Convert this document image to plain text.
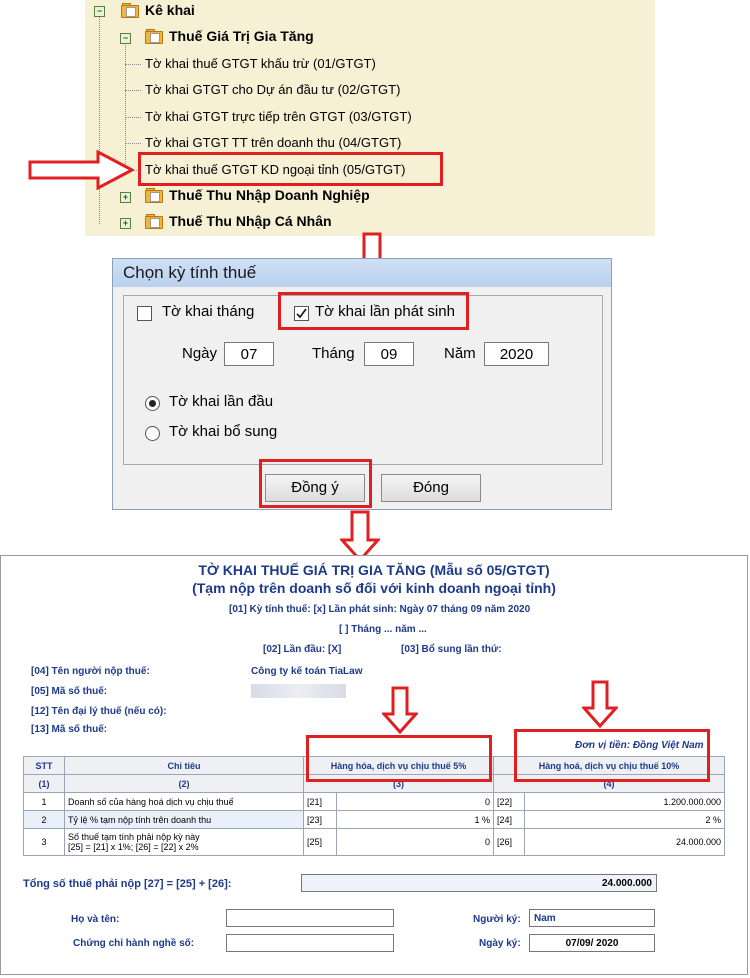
−	Kê khai
−	Thuế Giá Trị Gia Tăng
Tờ khai thuế GTGT khấu trừ (01/GTGT)
Tờ khai GTGT cho Dự án đầu tư (02/GTGT)
Tờ khai GTGT trực tiếp trên GTGT (03/GTGT)
Tờ khai GTGT TT trên doanh thu (04/GTGT)
Tờ khai thuế GTGT KD ngoại tỉnh (05/GTGT)
+	Thuế Thu Nhập Doanh Nghiệp
+	Thuế Thu Nhập Cá Nhân
Chọn kỳ tính thuế
Tờ khai tháng	Tờ khai lần phát sinh
Ngày	07	Tháng	09	Năm	2020
Tờ khai lần đầu
Tờ khai bổ sung
Đồng ý	Đóng
TỜ KHAI THUẾ GIÁ TRỊ GIA TĂNG (Mẫu số 05/GTGT)
(Tạm nộp trên doanh số đối với kinh doanh ngoại tỉnh)
[01] Kỳ tính thuế: [x] Lần phát sinh: Ngày 07 tháng 09 năm 2020
[ ] Tháng ... năm ...
[02] Lần đầu: [X]	[03] Bổ sung lần thứ:
[04] Tên người nộp thuế:	Công ty kế toán TiaLaw
[05] Mã số thuế:
[12] Tên đại lý thuế (nếu có):
[13] Mã số thuế:
Đơn vị tiền: Đồng Việt Nam
STT	Chỉ tiêu	Hàng hóa, dịch vụ chịu thuế 5%		Hàng hoá, dịch vụ chịu thuế 10%	
(1)	(2)	(3)		(4)	
1	Doanh số của hàng hoá dịch vụ chịu thuế	[21]	0	[22]	1.200.000.000
2	Tỷ lệ % tạm nộp tính trên doanh thu	[23]	1 %	[24]	2 %
3	Số thuế tạm tính phải nộp kỳ này
[25] = [21] x 1%; [26] = [22] x 2%	[25]	0	[26]	24.000.000
Tổng số thuế phải nộp [27] = [25] + [26]:	24.000.000
Họ và tên:
Chứng chỉ hành nghề số:
Người ký:	Nam
Ngày ký:	07/09/ 2020
